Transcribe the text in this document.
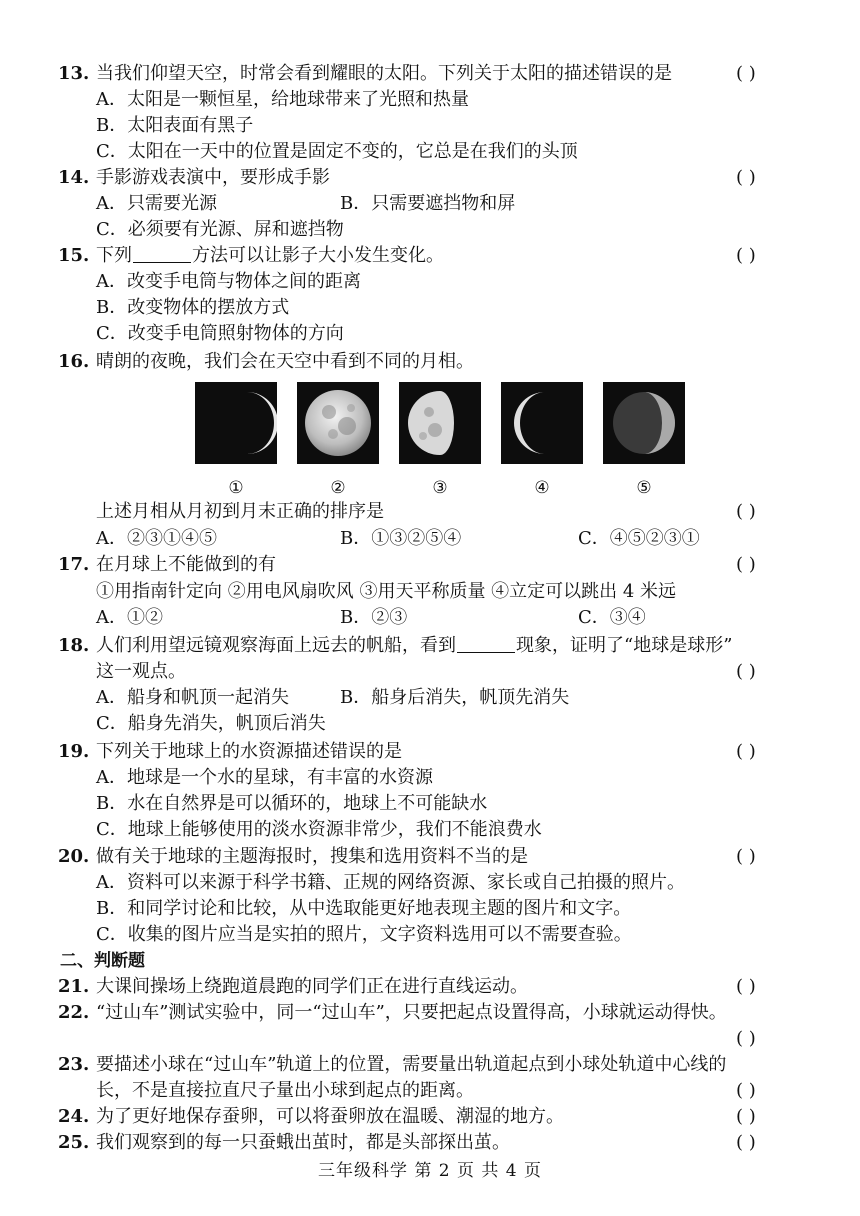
13. 当我们仰望天空，时常会看到耀眼的太阳。下列关于太阳的描述错误的是	( )
A．太阳是一颗恒星，给地球带来了光照和热量
B．太阳表面有黑子
C．太阳在一天中的位置是固定不变的，它总是在我们的头顶
14. 手影游戏表演中，要形成手影	( )
A．只需要光源	B．只需要遮挡物和屏
C．必须要有光源、屏和遮挡物
15. 下列	方法可以让影子大小发生变化。	( )
A．改变手电筒与物体之间的距离
B．改变物体的摆放方式
C．改变手电筒照射物体的方向
16. 晴朗的夜晚，我们会在天空中看到不同的月相。
①	②	③	④	⑤
上述月相从月初到月末正确的排序是	( )
A．②③①④⑤	B．①③②⑤④	C．④⑤②③①
17. 在月球上不能做到的有	( )
①用指南针定向 ②用电风扇吹风 ③用天平称质量 ④立定可以跳出 4 米远
A．①②	B．②③	C．③④
18. 人们利用望远镜观察海面上远去的帆船，看到	现象，证明了“地球是球形”
这一观点。	( )
A．船身和帆顶一起消失	B．船身后消失，帆顶先消失
C．船身先消失，帆顶后消失
19. 下列关于地球上的水资源描述错误的是	( )
A．地球是一个水的星球，有丰富的水资源
B．水在自然界是可以循环的，地球上不可能缺水
C．地球上能够使用的淡水资源非常少，我们不能浪费水
20. 做有关于地球的主题海报时，搜集和选用资料不当的是	( )
A．资料可以来源于科学书籍、正规的网络资源、家长或自己拍摄的照片。
B．和同学讨论和比较，从中选取能更好地表现主题的图片和文字。
C．收集的图片应当是实拍的照片，文字资料选用可以不需要查验。
二、判断题
21. 大课间操场上绕跑道晨跑的同学们正在进行直线运动。	( )
22. “过山车”测试实验中，同一“过山车”，只要把起点设置得高，小球就运动得快。
( )
23. 要描述小球在“过山车”轨道上的位置，需要量出轨道起点到小球处轨道中心线的
长，不是直接拉直尺子量出小球到起点的距离。	( )
24. 为了更好地保存蚕卵，可以将蚕卵放在温暖、潮湿的地方。	( )
25. 我们观察到的每一只蚕蛾出茧时，都是头部探出茧。	( )
三年级科学 第 2 页 共 4 页
